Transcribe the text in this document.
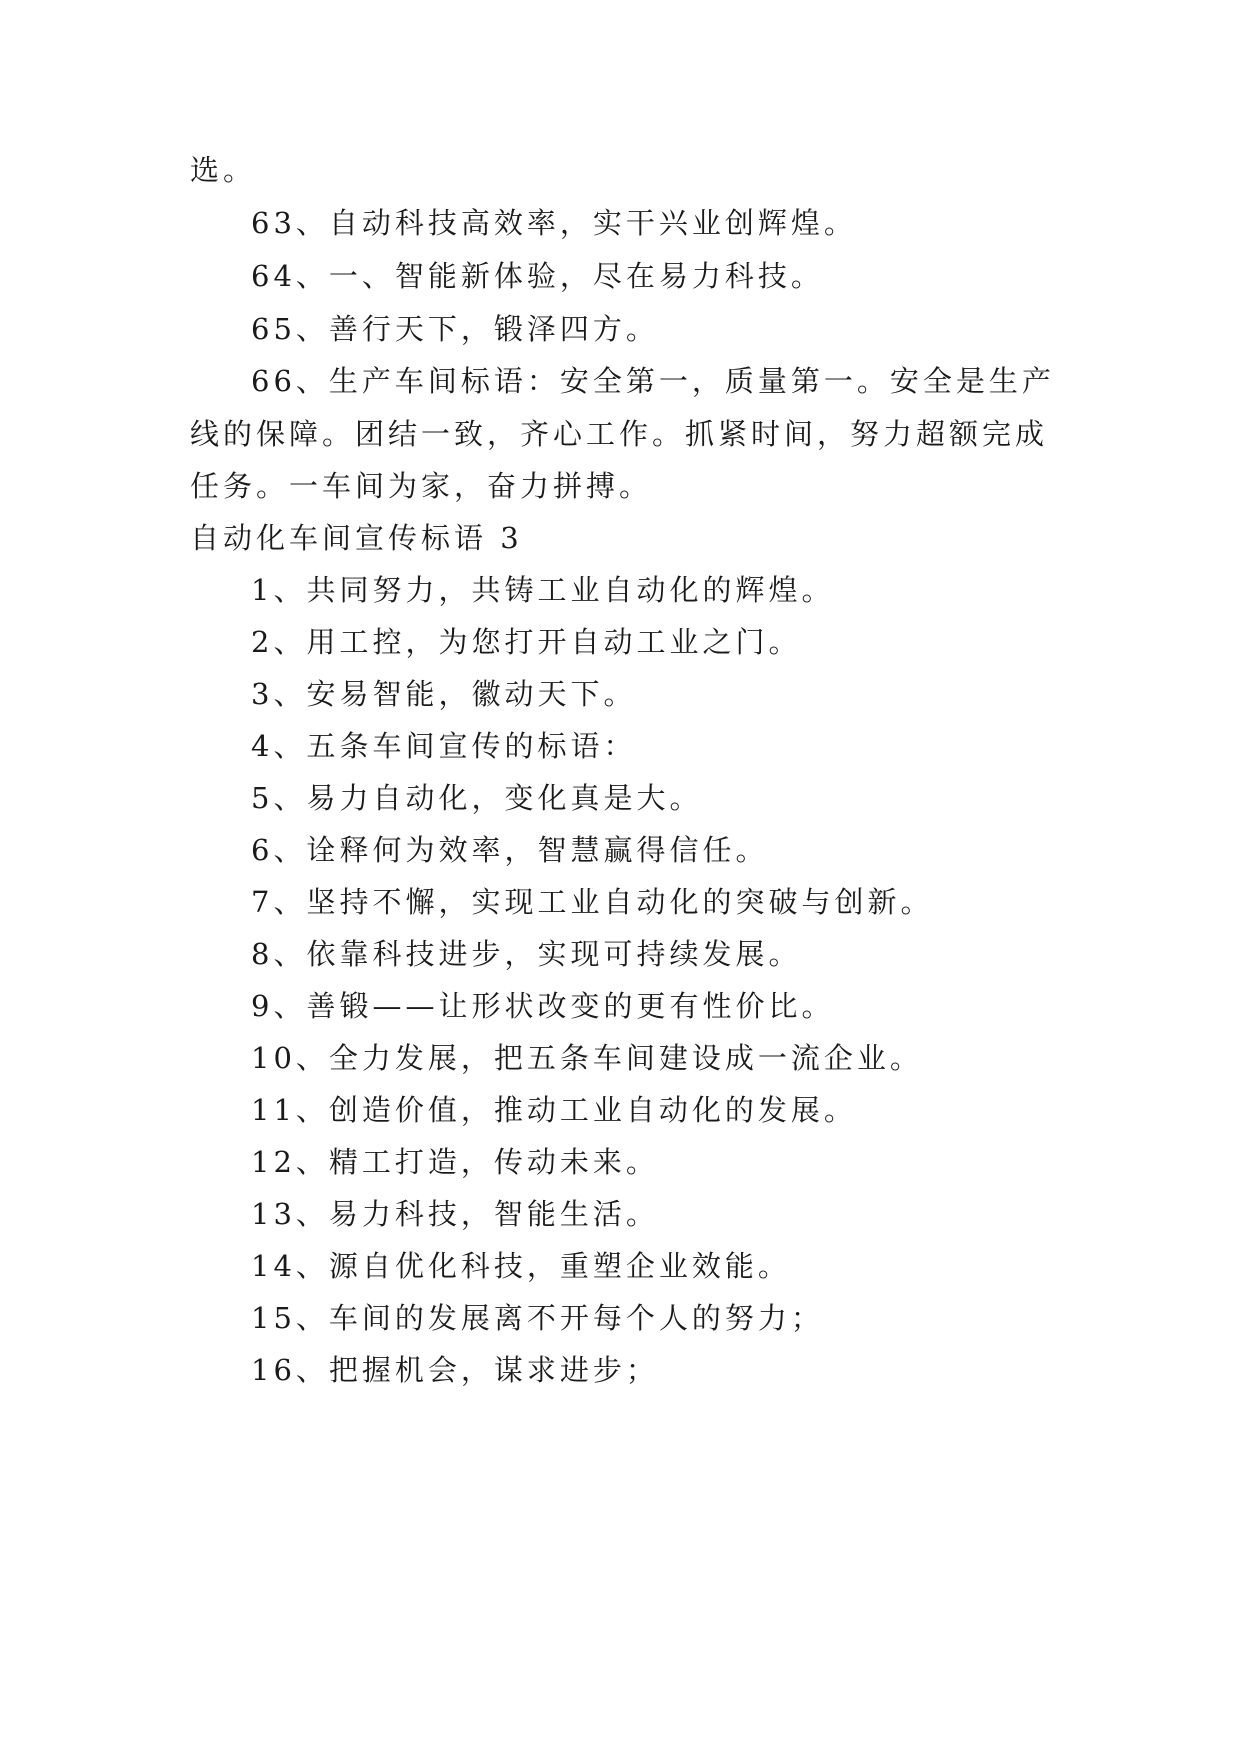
选。
63、自动科技高效率，实干兴业创辉煌。
64、一、智能新体验，尽在易力科技。
65、善行天下，锻泽四方。
66、生产车间标语：安全第一，质量第一。安全是生产
线的保障。团结一致，齐心工作。抓紧时间，努力超额完成
任务。一车间为家，奋力拼搏。
自动化车间宣传标语 3
1、共同努力，共铸工业自动化的辉煌。
2、用工控，为您打开自动工业之门。
3、安易智能，徽动天下。
4、五条车间宣传的标语：
5、易力自动化，变化真是大。
6、诠释何为效率，智慧赢得信任。
7、坚持不懈，实现工业自动化的突破与创新。
8、依靠科技进步，实现可持续发展。
9、善锻——让形状改变的更有性价比。
10、全力发展，把五条车间建设成一流企业。
11、创造价值，推动工业自动化的发展。
12、精工打造，传动未来。
13、易力科技，智能生活。
14、源自优化科技，重塑企业效能。
15、车间的发展离不开每个人的努力；
16、把握机会，谋求进步；
